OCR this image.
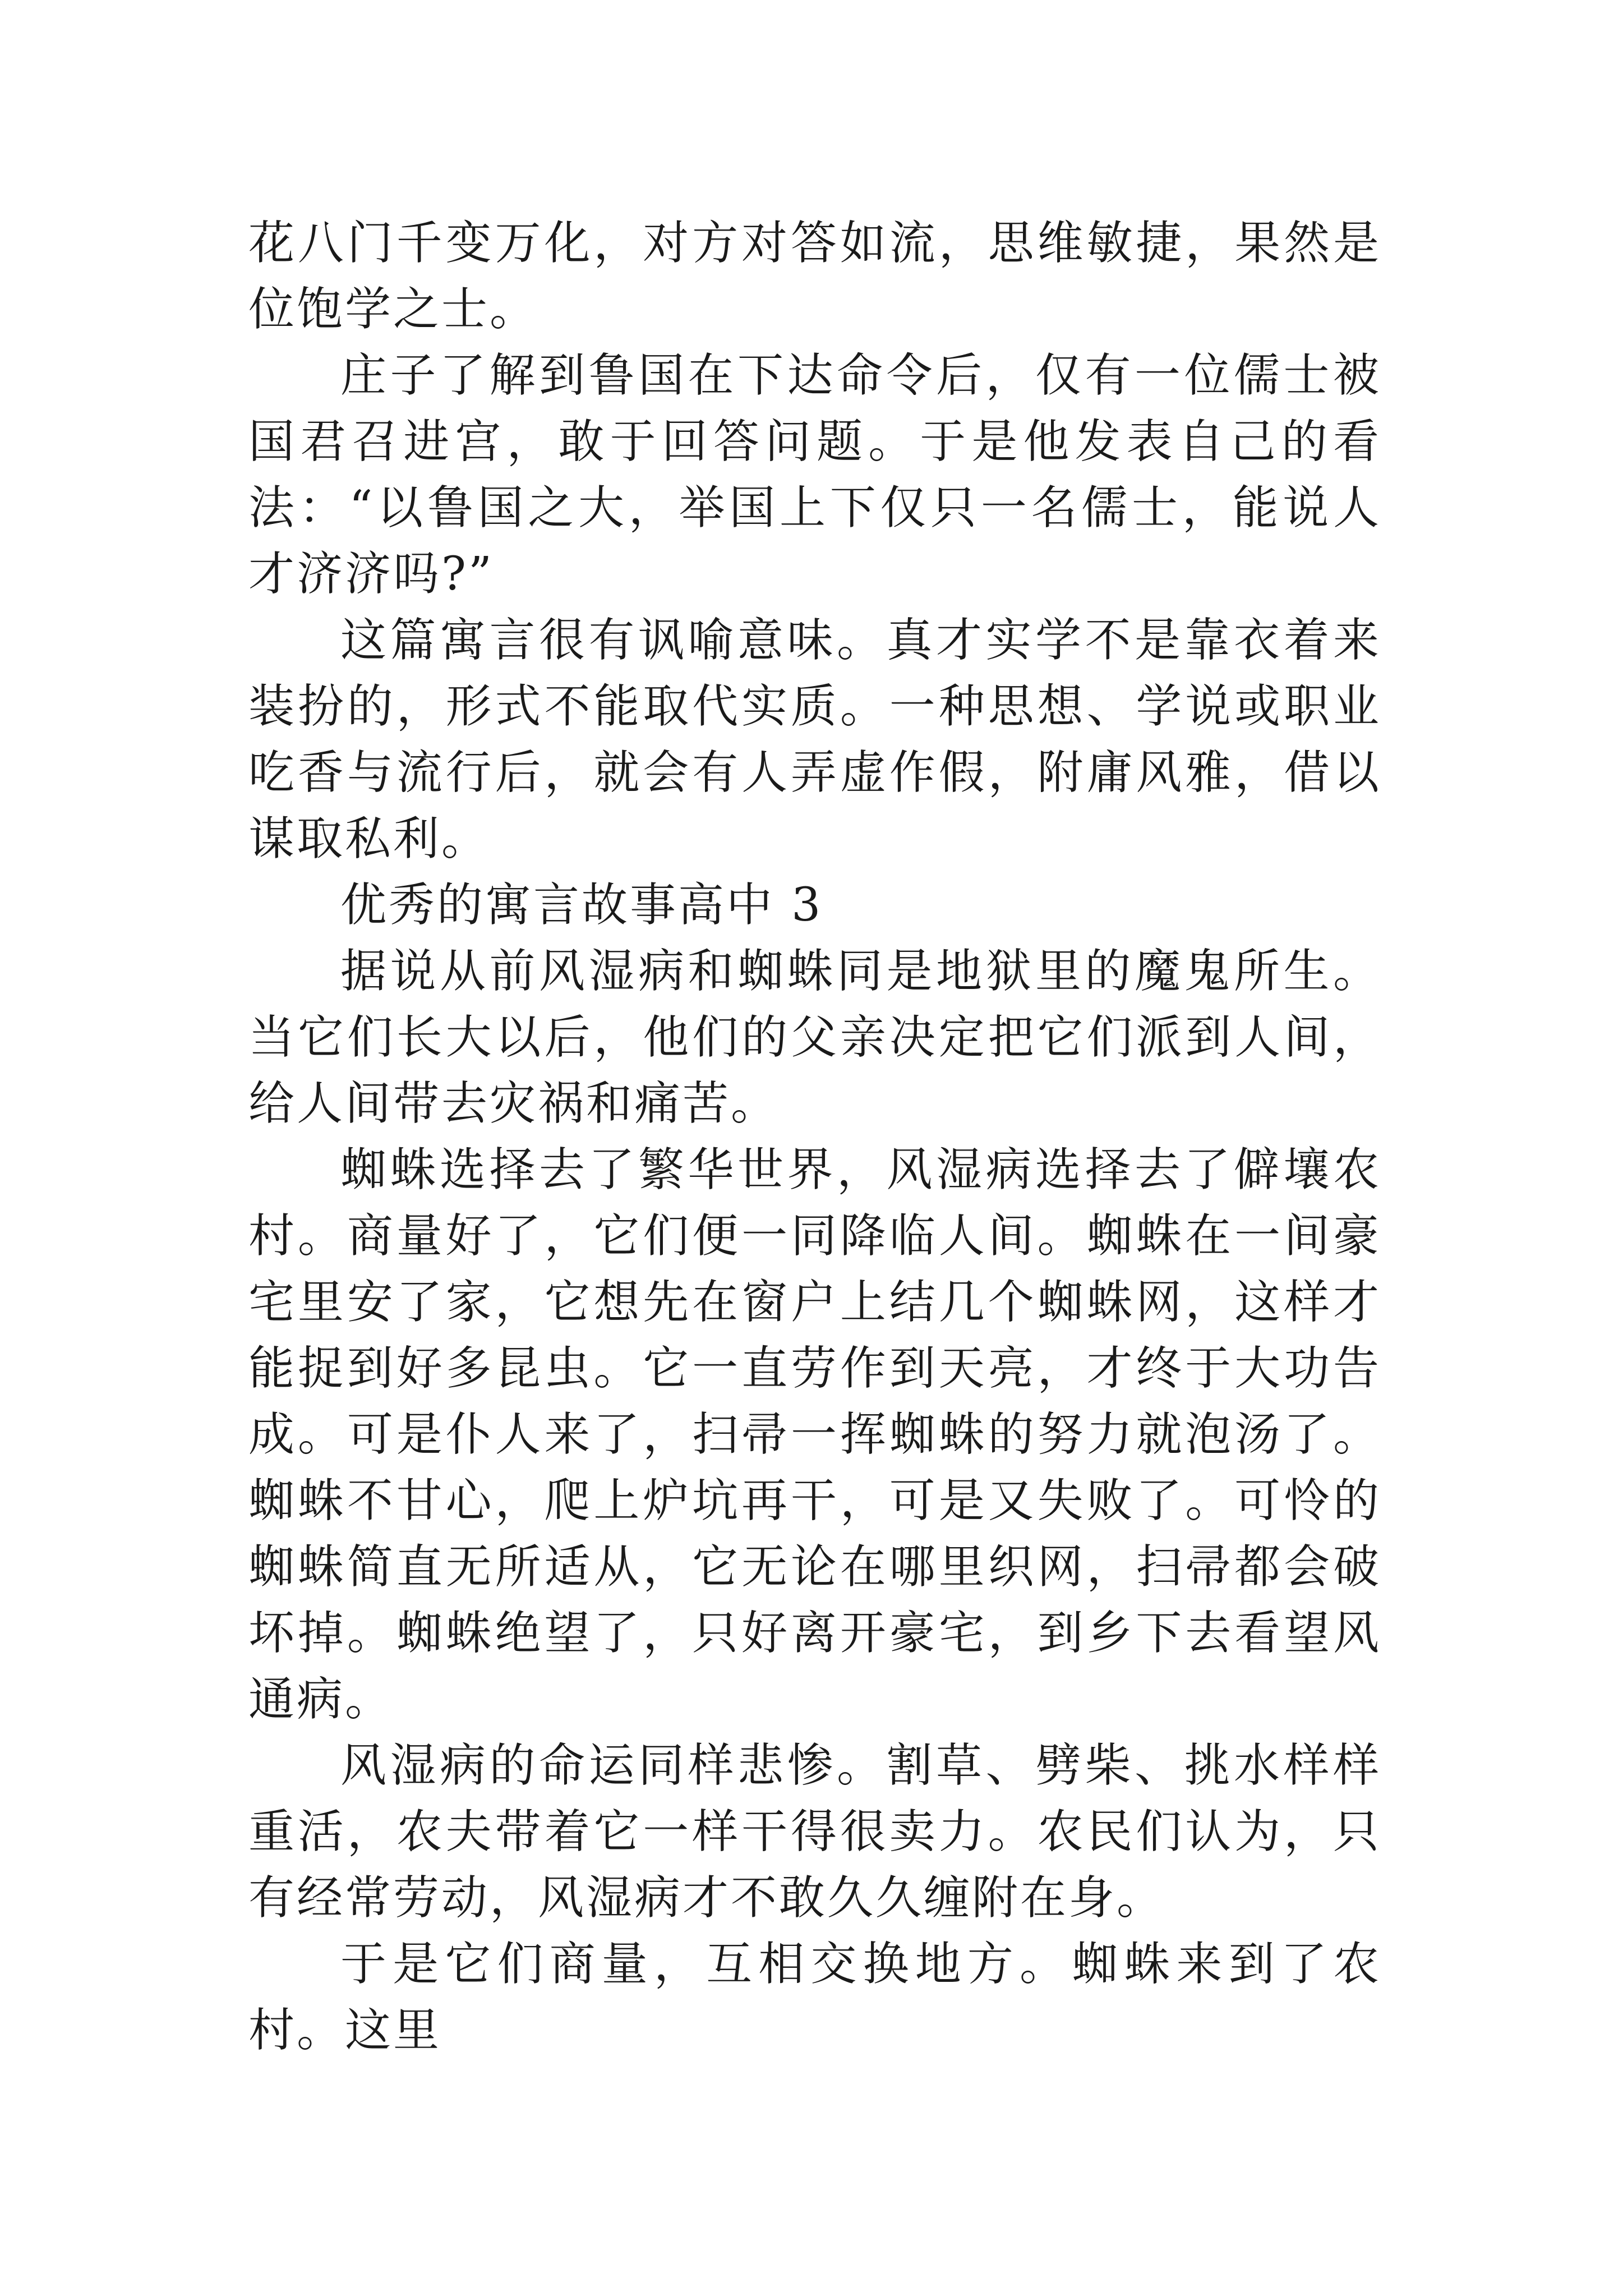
花八门千变万化，对方对答如流，思维敏捷，果然是位饱学之士。

庄子了解到鲁国在下达命令后，仅有一位儒士被国君召进宫，敢于回答问题。于是他发表自己的看法：“以鲁国之大，举国上下仅只一名儒士，能说人才济济吗?”

这篇寓言很有讽喻意味。真才实学不是靠衣着来装扮的，形式不能取代实质。一种思想、学说或职业吃香与流行后，就会有人弄虚作假，附庸风雅，借以谋取私利。

优秀的寓言故事高中 3

据说从前风湿病和蜘蛛同是地狱里的魔鬼所生。当它们长大以后，他们的父亲决定把它们派到人间，给人间带去灾祸和痛苦。

蜘蛛选择去了繁华世界，风湿病选择去了僻壤农村。商量好了，它们便一同降临人间。蜘蛛在一间豪宅里安了家，它想先在窗户上结几个蜘蛛网，这样才能捉到好多昆虫。它一直劳作到天亮，才终于大功告成。可是仆人来了，扫帚一挥蜘蛛的努力就泡汤了。蜘蛛不甘心，爬上炉坑再干，可是又失败了。可怜的蜘蛛简直无所适从，它无论在哪里织网，扫帚都会破坏掉。蜘蛛绝望了，只好离开豪宅，到乡下去看望风通病。

风湿病的命运同样悲惨。割草、劈柴、挑水样样重活，农夫带着它一样干得很卖力。农民们认为，只有经常劳动，风湿病才不敢久久缠附在身。

于是它们商量，互相交换地方。蜘蛛来到了农村。这里
